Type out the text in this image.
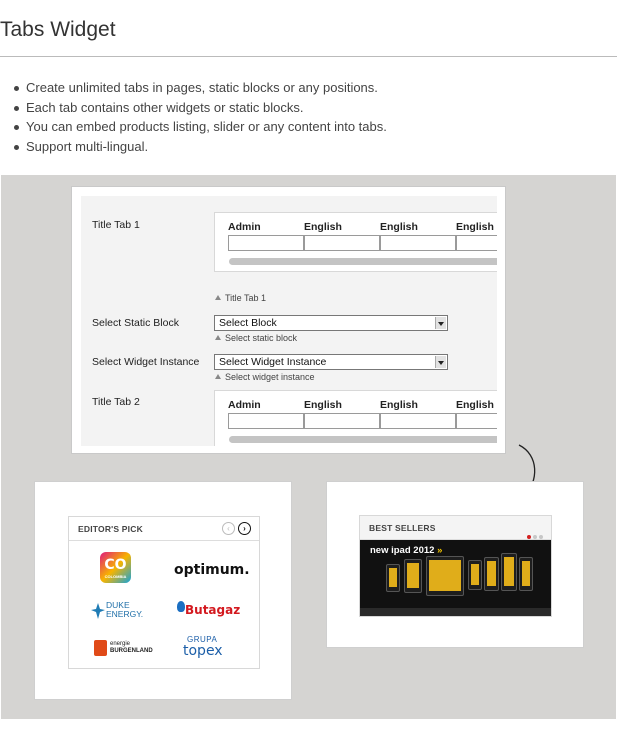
Tabs Widget
Create unlimited tabs in pages, static blocks or any positions.
Each tab contains other widgets or static blocks.
You can embed products listing, slider or any content into tabs.
Support multi-lingual.
Title Tab 1	Admin	English	English	English
Title Tab 1
Select Static Block	Select Block
Select static block
Select Widget Instance	Select Widget Instance
Select widget instance
Title Tab 2	Admin	English	English	English
EDITOR'S PICK	‹	›
CO
COLOMBIA	optimum.
DUKE
ENERGY.	Butagaz
energie
BURGENLAND
GRUPA
topex
BEST SELLERS
new ipad 2012 »
